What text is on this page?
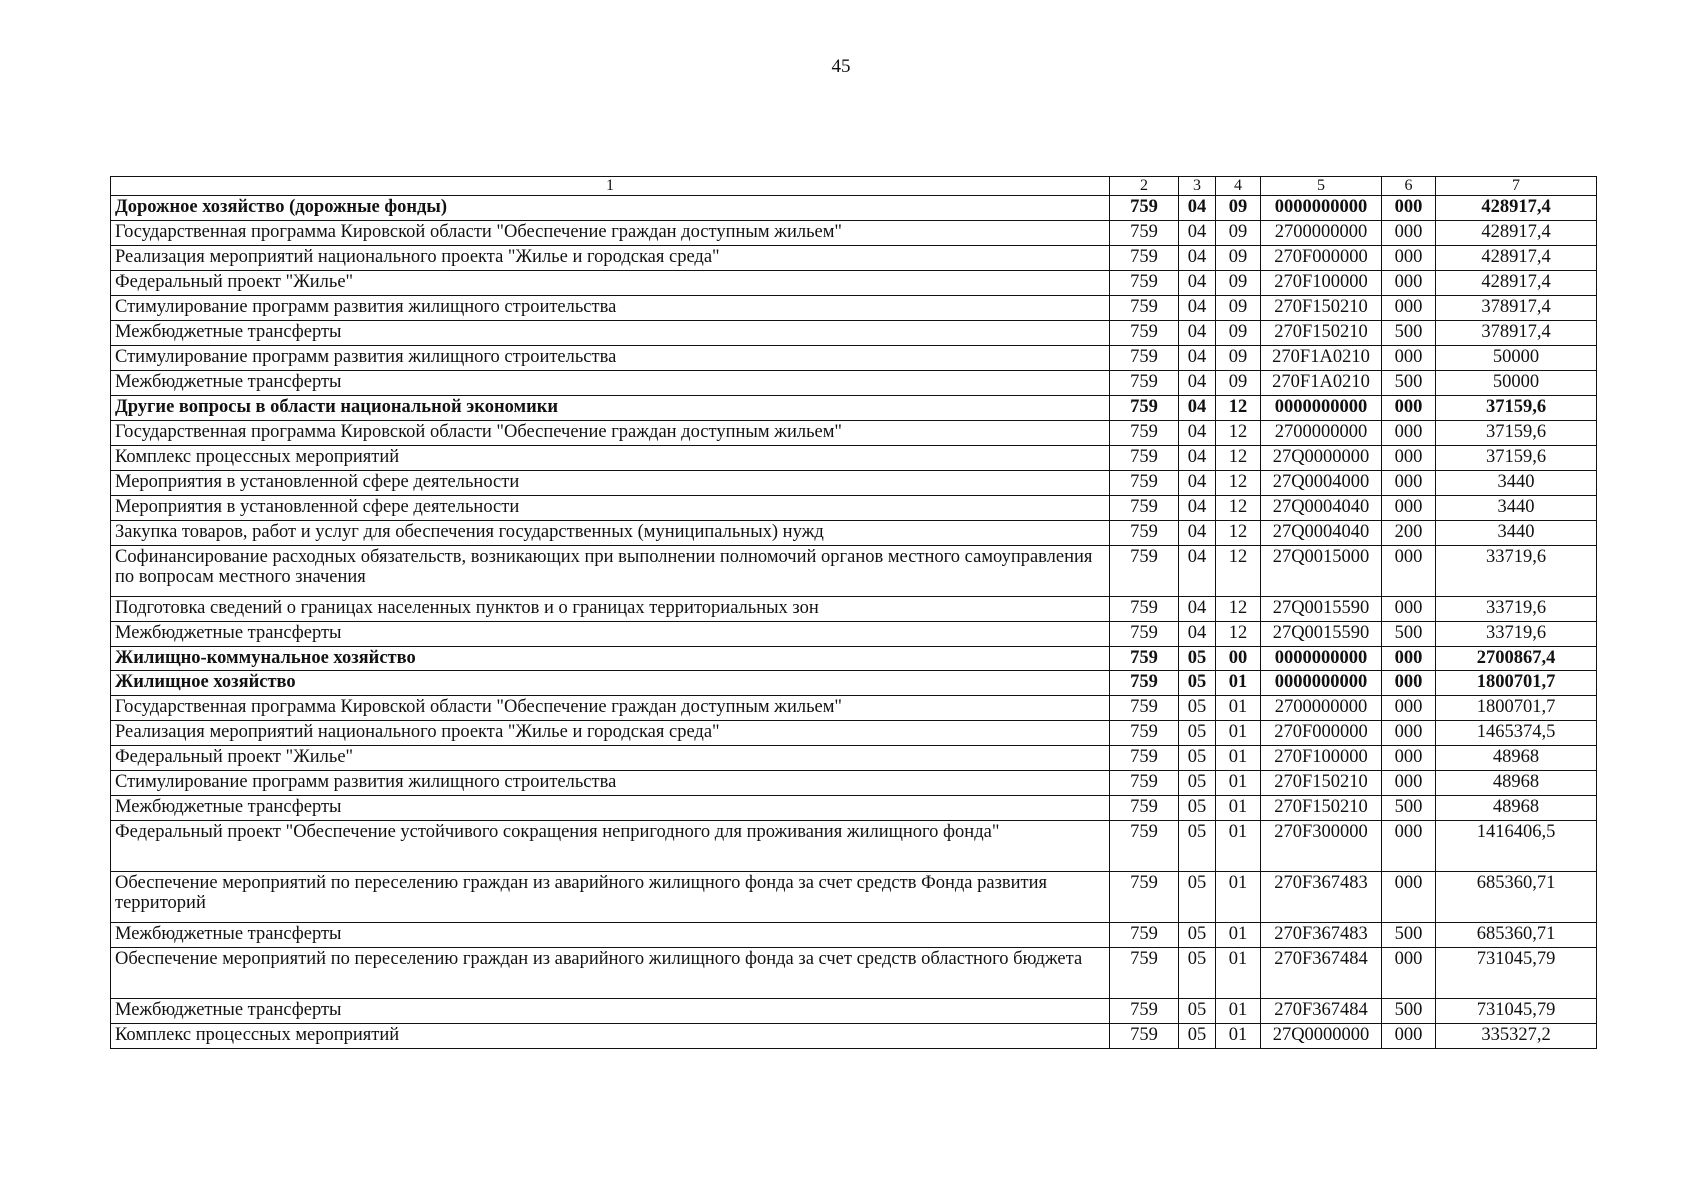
45
1	2	3	4	5	6	7
Дорожное хозяйство (дорожные фонды)	759	04	09	0000000000	000	428917,4
Государственная программа Кировской области "Обеспечение граждан доступным жильем"	759	04	09	2700000000	000	428917,4
Реализация мероприятий национального проекта "Жилье и городская среда"	759	04	09	270F000000	000	428917,4
Федеральный проект "Жилье"	759	04	09	270F100000	000	428917,4
Стимулирование программ развития жилищного строительства	759	04	09	270F150210	000	378917,4
Межбюджетные трансферты	759	04	09	270F150210	500	378917,4
Стимулирование программ развития жилищного строительства	759	04	09	270F1A0210	000	50000
Межбюджетные трансферты	759	04	09	270F1A0210	500	50000
Другие вопросы в области национальной экономики	759	04	12	0000000000	000	37159,6
Государственная программа Кировской области "Обеспечение граждан доступным жильем"	759	04	12	2700000000	000	37159,6
Комплекс процессных мероприятий	759	04	12	27Q0000000	000	37159,6
Мероприятия в установленной сфере деятельности	759	04	12	27Q0004000	000	3440
Мероприятия в установленной сфере деятельности	759	04	12	27Q0004040	000	3440
Закупка товаров, работ и услуг для обеспечения государственных (муниципальных) нужд	759	04	12	27Q0004040	200	3440
Софинансирование расходных обязательств, возникающих при выполнении полномочий органов местного самоуправления по вопросам местного значения	759	04	12	27Q0015000	000	33719,6
Подготовка сведений о границах населенных пунктов и о границах территориальных зон	759	04	12	27Q0015590	000	33719,6
Межбюджетные трансферты	759	04	12	27Q0015590	500	33719,6
Жилищно-коммунальное хозяйство	759	05	00	0000000000	000	2700867,4
Жилищное хозяйство	759	05	01	0000000000	000	1800701,7
Государственная программа Кировской области "Обеспечение граждан доступным жильем"	759	05	01	2700000000	000	1800701,7
Реализация мероприятий национального проекта "Жилье и городская среда"	759	05	01	270F000000	000	1465374,5
Федеральный проект "Жилье"	759	05	01	270F100000	000	48968
Стимулирование программ развития жилищного строительства	759	05	01	270F150210	000	48968
Межбюджетные трансферты	759	05	01	270F150210	500	48968
Федеральный проект "Обеспечение устойчивого сокращения непригодного для проживания жилищного фонда"	759	05	01	270F300000	000	1416406,5
Обеспечение мероприятий по переселению граждан из аварийного жилищного фонда за счет средств Фонда развития территорий	759	05	01	270F367483	000	685360,71
Межбюджетные трансферты	759	05	01	270F367483	500	685360,71
Обеспечение мероприятий по переселению граждан из аварийного жилищного фонда за счет средств областного бюджета	759	05	01	270F367484	000	731045,79
Межбюджетные трансферты	759	05	01	270F367484	500	731045,79
Комплекс процессных мероприятий	759	05	01	27Q0000000	000	335327,2
